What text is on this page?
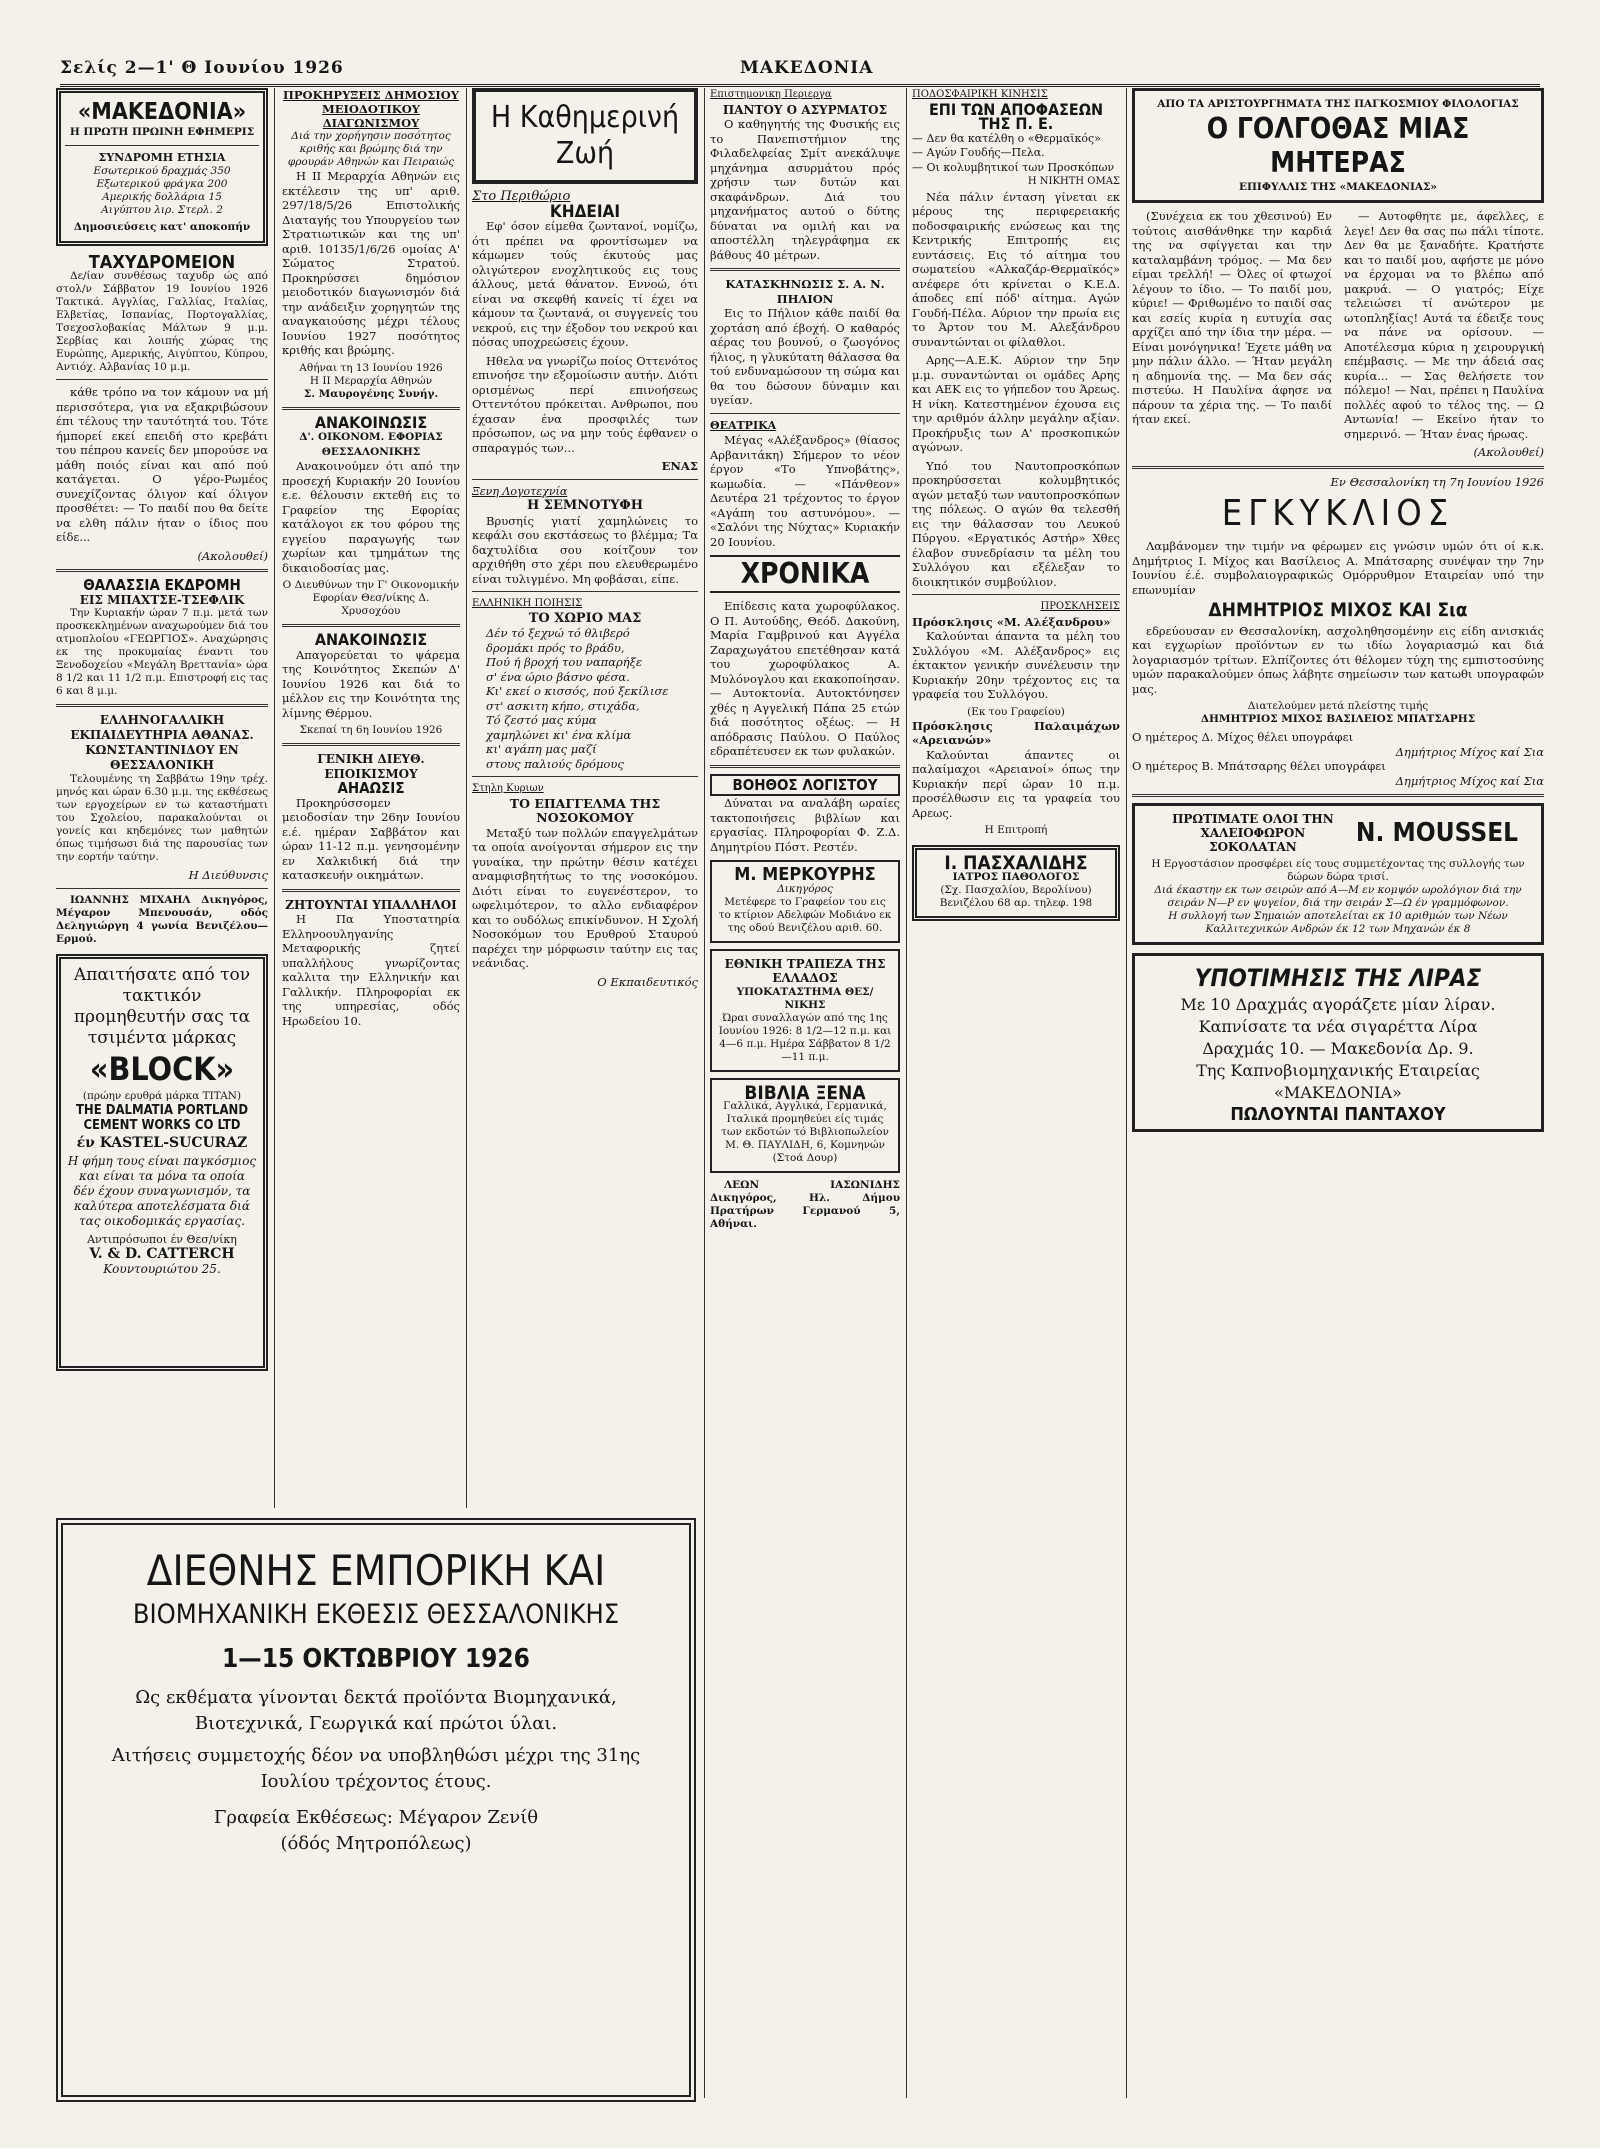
Σελίς 2—1' Θ Ιουνίου 1926	ΜΑΚΕΔΟΝΙΑ
«ΜΑΚΕΔΟΝΙΑ»
Η ΠΡΩΤΗ ΠΡΩΙΝΗ ΕΦΗΜΕΡΙΣ
ΣΥΝΔΡΟΜΗ ΕΤΗΣΙΑ
Εσωτερικού δραχμάς 350
Εξωτερικού φράγκα 200
Αμερικής δολλάρια 15
Αιγύπτου λιρ. Στερλ. 2
Δημοσιεύσεις κατ' αποκοπήν
ΤΑΧΥΔΡΟΜΕΙΟΝ

Δε/ίαν συνθέσως ταχυδρ ώς από στολ/ν Σάββατον 19 Ιουνίου 1926 Τακτικά. Αγγλίας, Γαλλίας, Ιταλίας, Ελβετίας, Ισπανίας, Πορτογαλλίας, Τσεχοσλοβακίας Μάλτων 9 μ.μ. Σερβίας και λοιπής χώρας της Ευρώπης, Αμερικής, Αιγύπτου, Κύπρου, Αντιόχ. Αλβανίας 10 μ.μ.

κάθε τρόπο να τον κάμουν να μή περισσότερα, για να εξακριβώσουν έπι τέλους την ταυτότητά του. Τότε ήμπορεί εκεί επειδή στο κρεβάτι του πέπρου κανείς δεν μπορούσε να μάθη ποιός είναι και από πού κατάγεται. Ο γέρο-Ρωμέος συνεχίζοντας όλιγον καί όλιγον προσθέτει: — Το παιδί που θα δείτε να ελθη πάλιν ήταν ο ίδιος που είδε...

(Ακολουθεί)
ΘΑΛΑΣΣΙΑ ΕΚΔΡΟΜΗ
ΕΙΣ ΜΠΑΧΤΣΕ-ΤΣΕΦΛΙΚ

Την Κυριακήν ώραν 7 π.μ. μετά των προσκεκλημένων αναχωρούμεν διά του ατμοπλοίου «ΓΕΩΡΓΙΟΣ». Αναχώρησις εκ της προκυμαίας έναντι του Ξενοδοχείου «Μεγάλη Βρεττανία» ώρα 8 1/2 και 11 1/2 π.μ. Επιστροφή εις τας 6 και 8 μ.μ.

ΕΛΛΗΝΟΓΑΛΛΙΚΗ ΕΚΠΑΙΔΕΥΤΗΡΙΑ ΑΘΑΝΑΣ. ΚΩΝΣΤΑΝΤΙΝΙΔΟΥ ΕΝ ΘΕΣΣΑΛΟΝΙΚΗ

Τελουμένης τη Σαββάτω 19ην τρέχ. μηνός και ώραν 6.30 μ.μ. της εκθέσεως των εργοχείρων εν τω καταστήματι του Σχολείου, παρακαλούνται οι γονείς και κηδεμόνες των μαθητών όπως τιμήσωσι διά της παρουσίας των την εορτήν ταύτην.

Η Διεύθυνσις

ΙΩΑΝΝΗΣ ΜΙΧΑΗΛ Δικηγόρος, Μέγαρον Μπενουσάν, οδός Δεληγιώργη 4 γωνία Βενιζέλου—Ερμού.

Απαιτήσατε από τον τακτικόν προμηθευτήν σας τα τσιμέντα μάρκας
«BLOCK»
(πρώην ερυθρά μάρκα TITAN)
THE DALMATIA PORTLAND CEMENT WORKS CO LTD
έν KASTEL-SUCURAZ
Η φήμη τους είναι παγκόσμιος και είναι τα μόνα τα οποία δέν έχουν συναγωνισμόν, τα καλύτερα αποτελέσματα διά τας οικοδομικάς εργασίας.
Αντιπρόσωποι έν Θεσ/νίκη
V. & D. CATTERCH
Κουντουριώτου 25.
ΠΡΟΚΗΡΥΞΕΙΣ ΔΗΜΟΣΙΟΥ ΜΕΙΟΔΟΤΙΚΟΥ ΔΙΑΓΩΝΙΣΜΟΥ
Διά την χορήγησιν ποσότητος κριθής και βρώμης διά την φρουράν Αθηνών και Πειραιώς

Η ΙΙ Μεραρχία Αθηνών εις εκτέλεσιν της υπ' αριθ. 297/18/5/26 Επιστολικής Διαταγής του Υπουργείου των Στρατιωτικών και της υπ' αριθ. 10135/1/6/26 ομοίας Α' Σώματος Στρατού. Προκηρύσσει δημόσιον μειοδοτικόν διαγωνισμόν διά την ανάδειξιν χορηγητών της αναγκαιούσης μέχρι τέλους Ιουνίου 1927 ποσότητος κριθής και βρώμης.

Αθήναι τη 13 Ιουνίου 1926
Η ΙΙ Μεραρχία Αθηνών
Σ. Μαυρογένης Συνήγ.
ΑΝΑΚΟΙΝΩΣΙΣ
Δ'. ΟΙΚΟΝΟΜ. ΕΦΟΡΙΑΣ ΘΕΣΣΑΛΟΝΙΚΗΣ

Ανακοινούμεν ότι από την προσεχή Κυριακήν 20 Ιουνίου ε.ε. θέλουσιν εκτεθή εις το Γραφείον της Εφορίας κατάλογοι εκ του φόρου της εγγείου παραγωγής των χωρίων και τμημάτων της δικαιοδοσίας μας.

Ο Διευθύνων την Γ' Οικονομικήν Εφορίαν Θεσ/νίκης Δ. Χρυσοχόου
ΑΝΑΚΟΙΝΩΣΙΣ

Απαγορεύεται το ψάρεμα της Κοινότητος Σκεπών Δ' Ιουνίου 1926 και διά το μέλλον εις την Κοινότητα της λίμνης Θέρμου.

Σκεπαί τη 6η Ιουνίου 1926
ΓΕΝΙΚΗ ΔΙΕΥΘ. ΕΠΟΙΚΙΣΜΟΥ
ΑΗΑΩΣΙΣ

Προκηρύσσομεν μειοδοσίαν την 26ην Ιουνίου ε.έ. ημέραν Σαββάτον και ώραν 11-12 π.μ. γενησομένην εν Χαλκιδική διά την κατασκευήν οικημάτων.

ΖΗΤΟΥΝΤΑΙ ΥΠΑΛΛΗΛΟΙ

Η Πα Υποστατηρία Ελληνοουληγανίης Μεταφορικής ζητεί υπαλλήλους γνωρίζοντας καλλιτα την Ελληνικήν και Γαλλικήν. Πληροφορίαι εκ της υπηρεσίας, οδός Ηρωδείου 10.

Η Καθημερινή Ζωή
Στο Περιθώριο
ΚΗΔΕΙΑΙ

Εφ' όσον είμεθα ζωντανοί, νομίζω, ότι πρέπει να φροντίσωμεν να κάμωμεν τούς έκυτούς μας ολιγώτερον ενοχλητικούς εις τους άλλους, μετά θάνατον. Εννοώ, ότι είναι να σκεφθή κανείς τί έχει να κάμουν τα ζωντανά, οι συγγενείς του νεκρού, εις την έξοδον του νεκρού και πόσας υποχρεώσεις έχουν.

Ηθελα να γνωρίζω ποίος Οττενότος επινοήσε την εξομοίωσιν αυτήν. Διότι ορισμένως περί επινοήσεως Οττεντότου πρόκειται. Ανθρωποι, που έχασαν ένα προσφιλές των πρόσωπον, ως να μην τούς έφθανεν ο σπαραγμός των...

ΕΝΑΣ
Ξενη Λογοτεχνία
Η ΣΕΜΝΟΤΥΦΗ

Βρυσηίς γιατί χαμηλώνεις το κεφάλι σου εκστάσεως το βλέμμα; Τα δαχτυλίδια σου κοίτζουν τον αρχιθήθη στο χέρι που ελευθερωμένο είναι τυλιγμένο. Μη φοβάσαι, είπε.

ΕΛΛΗΝΙΚΗ ΠΟΙΗΣΙΣ
ΤΟ ΧΩΡΙΟ ΜΑΣ
Δέν τό ξεχνώ τό θλιβερό
δρομάκι πρός το βράδυ,
Πού ή βροχή του ναπαρήξε
σ' ένα ώριο βάσνο φέσα.
Κι' εκεί ο κισσός, πού ξεκίλισε
στ' ασκιτη κήπο, στιχάδα,
Τό ζεστό μας κύμα
χαμηλώνει κι' ένα κλίμα
κι' αγάπη μας μαζί
στους παλιούς δρόμους
Στηλη Κυριων
ΤΟ ΕΠΑΓΓΕΛΜΑ ΤΗΣ ΝΟΣΟΚΟΜΟΥ

Μεταξύ των πολλών επαγγελμάτων τα οποία ανοίγονται σήμερον εις την γυναίκα, την πρώτην θέσιν κατέχει αναμφισβητήτως το της νοσοκόμου. Διότι είναι το ευγενέστερον, το ωφελιμότερον, το αλλο ενδιαφέρον και το ουδόλως επικίνδυνον. Η Σχολή Νοσοκόμων του Ερυθρού Σταυρού παρέχει την μόρφωσιν ταύτην εις τας νεάνιδας.

Ο Εκπαιδευτικός
Επιστημονικη Περιεργα
ΠΑΝΤΟΥ Ο ΑΣΥΡΜΑΤΟΣ

Ο καθηγητής της Φυσικής εις το Πανεπιστήμιον της Φιλαδελφείας Σμίτ ανεκάλυψε μηχάνημα ασυρμάτου πρός χρήσιν των δυτών και σκαφάνδρων. Διά του μηχανήματος αυτού ο δύτης δύναται να ομιλή και να αποστέλλη τηλεγράφημα εκ βάθους 40 μέτρων.

ΚΑΤΑΣΚΗΝΩΣΙΣ Σ. Α. Ν. ΠΗΛΙΟΝ

Εις το Πήλιον κάθε παιδί θα χορτάση από έβοχή. Ο καθαρός αέρας του βουνού, ο ζωογόνος ήλιος, η γλυκύτατη θάλασσα θα τού ενδυναμώσουν τη σώμα και θα του δώσουν δύναμιν και υγείαν.

ΘΕΑΤΡΙΚΑ

Μέγας «Αλέξανδρος» (θίασος Αρβανιτάκη) Σήμερον το νέον έργον «Το Υπνοβάτης», κωμωδία. — «Πάνθεον» Δευτέρα 21 τρέχοντος το έργον «Αγάπη του αστυνόμου». — «Σαλόνι της Νύχτας» Κυριακήν 20 Ιουνίου.

ΧΡΟΝΙΚΑ

Επίδεσις κατα χωροφύλακος. Ο Π. Αυτούδης, Θεόδ. Δακούνη, Μαρία Γαμβρινού και Αγγέλα Ζαραχωγάτου επετέθησαν κατά του χωροφύλακος Α. Μυλόνογλου και εκακοποίησαν. — Αυτοκτονία. Αυτοκτόνησεν χθές η Αγγελική Πάπα 25 ετών διά ποσότητος οξέως. — Η απόδρασις Παύλου. Ο Παύλος εδραπέτευσεν εκ των φυλακών.

ΒΟΗΘΟΣ ΛΟΓΙΣΤΟΥ

Δύναται να αναλάβη ωραίες τακτοποιήσεις βιβλίων και εργασίας. Πληροφορίαι Φ. Ζ.Δ. Δημητρίου Πόστ. Ρεστέν.

Μ. ΜΕΡΚΟΥΡΗΣ
Δικηγόρος
Μετέφερε το Γραφείον του εις το κτίριον Αδελφών Μοδιάνο εκ της οδού Βενιζέλου αριθ. 60.
ΕΘΝΙΚΗ ΤΡΑΠΕΖΑ ΤΗΣ ΕΛΛΑΔΟΣ
ΥΠΟΚΑΤΑΣΤΗΜΑ ΘΕΣ/ΝΙΚΗΣ
Ώραι συναλλαγών από της 1ης Ιουνίου 1926: 8 1/2—12 π.μ. και 4—6 π.μ. Ημέρα Σάββατον 8 1/2—11 π.μ.
ΒΙΒΛΙΑ ΞΕΝΑ
Γαλλικά, Αγγλικά, Γερμανικά, Ιταλικά προμηθεύει είς τιμάς των εκδοτών τό Βιβλιοπωλείον Μ. Θ. ΠΑΥΛΙΔΗ, 6, Κομνηνών (Στοά Δουρ)

ΛΕΩΝ ΙΑΣΩΝΙΔΗΣ Δικηγόρος, Ηλ. Δήμου Πρατήρων Γερμανού 5, Αθήναι.

ΠΟΔΟΣΦΑΙΡΙΚΗ ΚΙΝΗΣΙΣ
ΕΠΙ ΤΩΝ ΑΠΟΦΑΣΕΩΝ ΤΗΣ Π. Ε.
— Δεν θα κατέλθη ο «Θερμαϊκός»
— Αγών Γουδής—Πελα.
— Οι κολυμβητικοί των Προσκόπων
Η ΝΙΚΗΤΗ ΟΜΑΣ

Νέα πάλιν ένταση γίνεται εκ μέρους της περιφερειακής ποδοσφαιρικής ενώσεως και της Κεντρικής Επιτροπής εις ευντάσεις. Εις τό αίτημα του σωματείου «Αλκαζάρ-Θερμαϊκός» ανέφερε ότι κρίνεται ο Κ.Ε.Δ. άποδες επί πόδ' αίτημα. Αγών Γουδή-Πέλα. Αύριον την πρωία εις το Άρτον του Μ. Αλεξάνδρου συναντώνται οι φίλαθλοι.

Αρης—Α.Ε.Κ. Αύριον την 5ην μ.μ. συναντώνται οι ομάδες Αρης και ΑΕΚ εις το γήπεδον του Άρεως. Η νίκη. Κατεστημένον έχουσα εις την αριθμόν άλλην μεγάλην αξίαν. Προκήρυξις των Α' προσκοπικών αγώνων.

Υπό του Ναυτοπροσκόπων προκηρύσσεται κολυμβητικός αγών μεταξύ των ναυτοπροσκόπων της πόλεως. Ο αγών θα τελεσθή εις την θάλασσαν του Λευκού Πύργου. «Εργατικός Αστήρ» Χθες έλαβον συνεδρίασιν τα μέλη του Συλλόγου και εξέλεξαν το διοικητικόν συμβούλιον.

ΠΡΟΣΚΛΗΣΕΙΣ
Πρόσκλησις «Μ. Αλέξανδρου»

Καλούνται άπαντα τα μέλη του Συλλόγου «Μ. Αλέξανδρος» εις έκτακτον γενικήν συνέλευσιν την Κυριακήν 20ην τρέχοντος εις τα γραφεία του Συλλόγου.

(Εκ του Γραφείου)
Πρόσκλησις Παλαιμάχων «Αρειανών»

Καλούνται άπαντες οι παλαίμαχοι «Αρειανοί» όπως την Κυριακήν περί ώραν 10 π.μ. προσέλθωσιν εις τα γραφεία του Αρεως.

Η Επιτροπή
Ι. ΠΑΣΧΑΛΙΔΗΣ
ΙΑΤΡΟΣ ΠΑΘΟΛΟΓΟΣ
(Σχ. Πασχαλίου, Βερολίνου) Βενιζέλου 68 αρ. τηλεφ. 198
ΑΠΟ ΤΑ ΑΡΙΣΤΟΥΡΓΗΜΑΤΑ ΤΗΣ ΠΑΓΚΟΣΜΙΟΥ ΦΙΛΟΛΟΓΙΑΣ
Ο ΓΟΛΓΟΘΑΣ ΜΙΑΣ ΜΗΤΕΡΑΣ
ΕΠΙΦΥΛΛΙΣ ΤΗΣ «ΜΑΚΕΔΟΝΙΑΣ»

(Συνέχεια εκ του χθεσινού) Εν τούτοις αισθάνθηκε την καρδιά της να σφίγγεται και την καταλαμβάνη τρόμος. — Μα δεν είμαι τρελλή! — Όλες οί φτωχοί λέγουν το ίδιο. — Το παιδί μου, κύριε! — Φριθωμένο το παιδί σας και εσείς κυρία η ευτυχία σας αρχίζει από την ίδια την μέρα. — Είναι μονόγηνικα! Έχετε μάθη να μην πάλιν άλλο. — Ήταν μεγάλη η αδημονία της. — Μα δεν σάς πιστεύω. Η Παυλίνα άφησε να πάρουν τα χέρια της. — Το παιδί ήταν εκεί.

— Αυτοφθητε με, άφελλες, ε λεγε! Δεν θα σας πω πάλι τίποτε. Δεν θα με ξαναδήτε. Κρατήστε και το παιδί μου, αφήστε με μόνο να έρχομαι να το βλέπω από μακρυά. — Ο γιατρός; Είχε τελειώσει τί ανώτερον με ωτοπληξίας! Αυτά τα έδειξε τους να πάνε να ορίσουν. — Αποτέλεσμα κύρια η χειρουργική επέμβασις. — Με την άδειά σας κυρία... — Σας θελήσετε τον πόλεμο! — Ναι, πρέπει η Παυλίνα πολλές αφού το τέλος της. — Ω Αντωνία! — Εκείνο ήταν το σημερινό. — Ήταν ένας ήρωας.

(Ακολουθεί)
Εν Θεσσαλονίκη τη 7η Ιουνίου 1926
ΕΓΚΥΚΛΙΟΣ

Λαμβάνομεν την τιμήν να φέρωμεν εις γνώσιν υμών ότι οί κ.κ. Δημήτριος Ι. Μίχος και Βασίλειος Α. Μπάτσαρης συνέψαν την 7ην Ιουνίου έ.έ. συμβολαιογραφικώς Ομόρρυθμον Εταιρείαν υπό την επωνυμίαν

ΔΗΜΗΤΡΙΟΣ ΜΙΧΟΣ ΚΑΙ Σια

εδρεύουσαν εν Θεσσαλονίκη, ασχοληθησομένην εις είδη ανισκιάς και εγχωρίων προϊόντων εν τω ιδίω λογαριασμώ και διά λογαριασμόν τρίτων. Ελπίζοντες ότι θέλομεν τύχη της εμπιστοσύνης υμών παρακαλούμεν όπως λάβητε σημείωσιν των κατωθι υπογραφών μας.

Διατελούμεν μετά πλείστης τιμής
ΔΗΜΗΤΡΙΟΣ ΜΙΧΟΣ ΒΑΣΙΛΕΙΟΣ ΜΠΑΤΣΑΡΗΣ
Ο ημέτερος Δ. Μίχος θέλει υπογράφει
Δημήτριος Μίχος καί Σια
Ο ημέτερος Β. Μπάτσαρης θέλει υπογράφει
Δημήτριος Μίχος καί Σια
ΠΡΩΤΙΜΑΤΕ ΟΛΟΙ ΤΗΝ ΧΑΛΕΙΟΦΩΡΟΝ ΣΟΚΟΛΑΤΑΝ	N. MOUSSEL
Η Εργοστάσιον προσφέρει είς τους συμμετέχοντας της συλλογής των δώρων δώρα τρισί.
Διά έκαστην εκ των σειρών από Α—Μ εν κομψόν ωρολόγιον διά την σειράν Ν—Ρ εν ψυγείον, διά την σειράν Σ—Ω έν γραμμόφωνον.
Η συλλογή των Σημαιών αποτελείται εκ 10 αριθμών των Νέων Καλλιτεχνικών Ανδρών έκ 12 των Μηχανών έκ 8
ΥΠΟΤΙΜΗΣΙΣ ΤΗΣ ΛΙΡΑΣ
Με 10 Δραχμάς αγοράζετε μίαν λίραν.
Καπνίσατε τα νέα σιγαρέττα Λίρα
Δραχμάς 10. — Μακεδονία Δρ. 9.
Της Καπνοβιομηχανικής Εταιρείας
«ΜΑΚΕΔΟΝΙΑ»
ΠΩΛΟΥΝΤΑΙ ΠΑΝΤΑΧΟΥ
ΔΙΕΘΝΗΣ ΕΜΠΟΡΙΚΗ ΚΑΙ
ΒΙΟΜΗΧΑΝΙΚΗ ΕΚΘΕΣΙΣ ΘΕΣΣΑΛΟΝΙΚΗΣ
1—15 ΟΚΤΩΒΡΙΟΥ 1926
Ως εκθέματα γίνονται δεκτά προϊόντα Βιομηχανικά, Βιοτεχνικά, Γεωργικά καί πρώτοι ύλαι.
Αιτήσεις συμμετοχής δέον να υποβληθώσι μέχρι της 31ης Ιουλίου τρέχοντος έτους.
Γραφεία Εκθέσεως: Μέγαρον Ζενίθ
(όδός Μητροπόλεως)
